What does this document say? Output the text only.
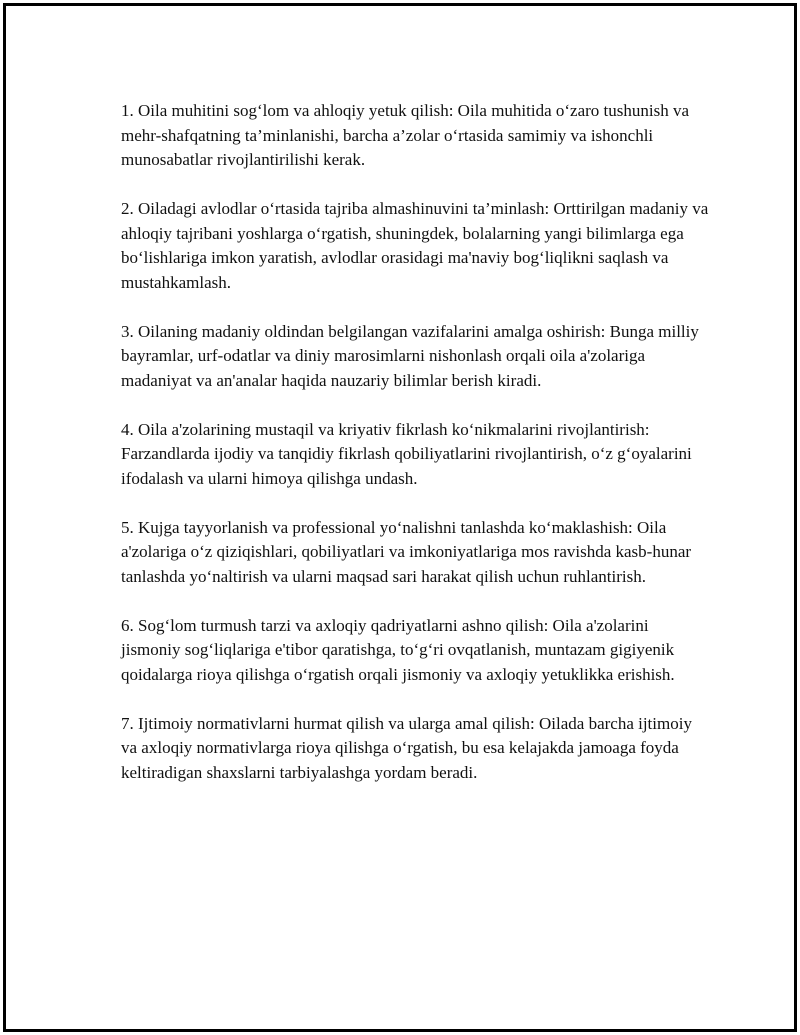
1. Oila muhitini sog‘lom va ahloqiy yetuk qilish: Oila muhitida o‘zaro tushunish va mehr-shafqatning ta’minlanishi, barcha a’zolar o‘rtasida samimiy va ishonchli munosabatlar rivojlantirilishi kerak.

2. Oiladagi avlodlar o‘rtasida tajriba almashinuvini ta’minlash: Orttirilgan madaniy va ahloqiy tajribani yoshlarga o‘rgatish, shuningdek, bolalarning yangi bilimlarga ega bo‘lishlariga imkon yaratish, avlodlar orasidagi ma'naviy bog‘liqlikni saqlash va mustahkamlash.

3. Oilaning madaniy oldindan belgilangan vazifalarini amalga oshirish: Bunga milliy bayramlar, urf-odatlar va diniy marosimlarni nishonlash orqali oila a'zolariga madaniyat va an'analar haqida nauzariy bilimlar berish kiradi.

4. Oila a'zolarining mustaqil va kriyativ fikrlash ko‘nikmalarini rivojlantirish: Farzandlarda ijodiy va tanqidiy fikrlash qobiliyatlarini rivojlantirish, o‘z g‘oyalarini ifodalash va ularni himoya qilishga undash.

5. Kujga tayyorlanish va professional yo‘nalishni tanlashda ko‘maklashish: Oila a'zolariga o‘z qiziqishlari, qobiliyatlari va imkoniyatlariga mos ravishda kasb-hunar tanlashda yo‘naltirish va ularni maqsad sari harakat qilish uchun ruhlantirish.

6. Sog‘lom turmush tarzi va axloqiy qadriyatlarni ashno qilish: Oila a'zolarini jismoniy sog‘liqlariga e'tibor qaratishga, to‘g‘ri ovqatlanish, muntazam gigiyenik qoidalarga rioya qilishga o‘rgatish orqali jismoniy va axloqiy yetuklikka erishish.

7. Ijtimoiy normativlarni hurmat qilish va ularga amal qilish: Oilada barcha ijtimoiy va axloqiy normativlarga rioya qilishga o‘rgatish, bu esa kelajakda jamoaga foyda keltiradigan shaxslarni tarbiyalashga yordam beradi.
